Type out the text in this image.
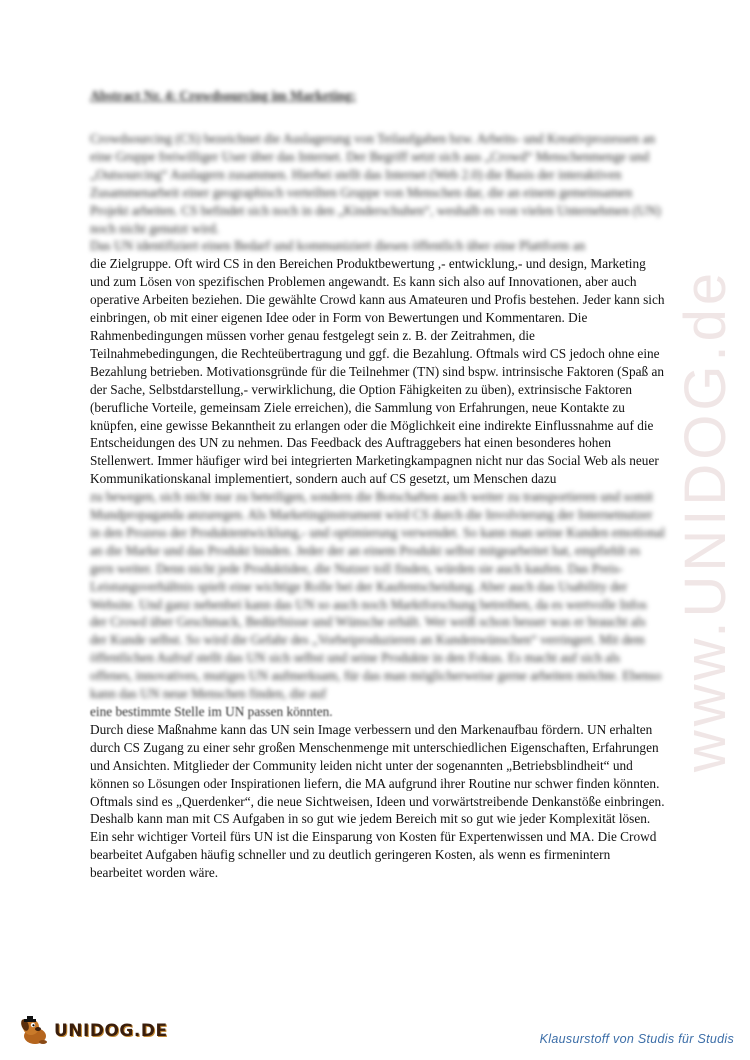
www.UNIDOG.de
Abstract Nr. 4: Crowdsourcing im Marketing:

Crowdsourcing (CS) bezeichnet die Auslagerung von Teilaufgaben bzw. Arbeits- und Kreativprozessen an eine Gruppe freiwilliger User über das Internet. Der Begriff setzt sich aus „Crowd“ Menschenmenge und „Outsourcing“ Auslagern zusammen. Hierbei stellt das Internet (Web 2.0) die Basis der interaktiven Zusammenarbeit einer geographisch verteilten Gruppe von Menschen dar, die an einem gemeinsamen Projekt arbeiten. CS befindet sich noch in den „Kinderschuhen“, weshalb es von vielen Unternehmen (UN) noch nicht genutzt wird.

Das UN identifiziert einen Bedarf und kommuniziert diesen öffentlich über eine Plattform an

die Zielgruppe. Oft wird CS in den Bereichen Produktbewertung ,- entwicklung,- und design, Marketing und zum Lösen von spezifischen Problemen angewandt. Es kann sich also auf Innovationen, aber auch operative Arbeiten beziehen. Die gewählte Crowd kann aus Amateuren und Profis bestehen. Jeder kann sich einbringen, ob mit einer eigenen Idee oder in Form von Bewertungen und Kommentaren. Die Rahmenbedingungen müssen vorher genau festgelegt sein z. B. der Zeitrahmen, die Teilnahmebedingungen, die Rechteübertragung und ggf. die Bezahlung. Oftmals wird CS jedoch ohne eine Bezahlung betrieben. Motivationsgründe für die Teilnehmer (TN) sind bspw. intrinsische Faktoren (Spaß an der Sache, Selbstdarstellung,- verwirklichung, die Option Fähigkeiten zu üben), extrinsische Faktoren (berufliche Vorteile, gemeinsam Ziele erreichen), die Sammlung von Erfahrungen, neue Kontakte zu knüpfen, eine gewisse Bekanntheit zu erlangen oder die Möglichkeit eine indirekte Einflussnahme auf die Entscheidungen des UN zu nehmen. Das Feedback des Auftraggebers hat einen besonderes hohen Stellenwert. Immer häufiger wird bei integrierten Marketingkampagnen nicht nur das Social Web als neuer Kommunikationskanal implementiert, sondern auch auf CS gesetzt, um Menschen dazu

zu bewegen, sich nicht nur zu beteiligen, sondern die Botschaften auch weiter zu transportieren und somit Mundpropaganda anzuregen. Als Marketinginstrument wird CS durch die Involvierung der Internetnutzer in den Prozess der Produktentwicklung,- und optimierung verwendet. So kann man seine Kunden emotional an die Marke und das Produkt binden. Jeder der an einem Produkt selbst mitgearbeitet hat, empfiehlt es gern weiter. Denn nicht jede Produktidee, die Nutzer toll finden, würden sie auch kaufen. Das Preis-Leistungsverhältnis spielt eine wichtige Rolle bei der Kaufentscheidung. Aber auch das Usability der Website. Und ganz nebenbei kann das UN so auch noch Marktforschung betreiben, da es wertvolle Infos der Crowd über Geschmack, Bedürfnisse und Wünsche erhält. Wer weiß schon besser was er braucht als der Kunde selbst. So wird die Gefahr des „Vorbeiproduzieren an Kundenwünschen“ verringert. Mit dem öffentlichen Aufruf stellt das UN sich selbst und seine Produkte in den Fokus. Es macht auf sich als offenes, innovatives, mutiges UN aufmerksam, für das man möglicherweise gerne arbeiten möchte. Ebenso kann das UN neue Menschen finden, die auf

eine bestimmte Stelle im UN passen könnten.

Durch diese Maßnahme kann das UN sein Image verbessern und den Markenaufbau fördern. UN erhalten durch CS Zugang zu einer sehr großen Menschenmenge mit unterschiedlichen Eigenschaften, Erfahrungen und Ansichten. Mitglieder der Community leiden nicht unter der sogenannten „Betriebsblindheit“ und können so Lösungen oder Inspirationen liefern, die MA aufgrund ihrer Routine nur schwer finden könnten. Oftmals sind es „Querdenker“, die neue Sichtweisen, Ideen und vorwärtstreibende Denkanstöße einbringen. Deshalb kann man mit CS Aufgaben in so gut wie jedem Bereich mit so gut wie jeder Komplexität lösen. Ein sehr wichtiger Vorteil fürs UN ist die Einsparung von Kosten für Expertenwissen und MA. Die Crowd bearbeitet Aufgaben häufig schneller und zu deutlich geringeren Kosten, als wenn es firmenintern bearbeitet worden wäre.

UNIDOG.DE	Klausurstoff von Studis für Studis
